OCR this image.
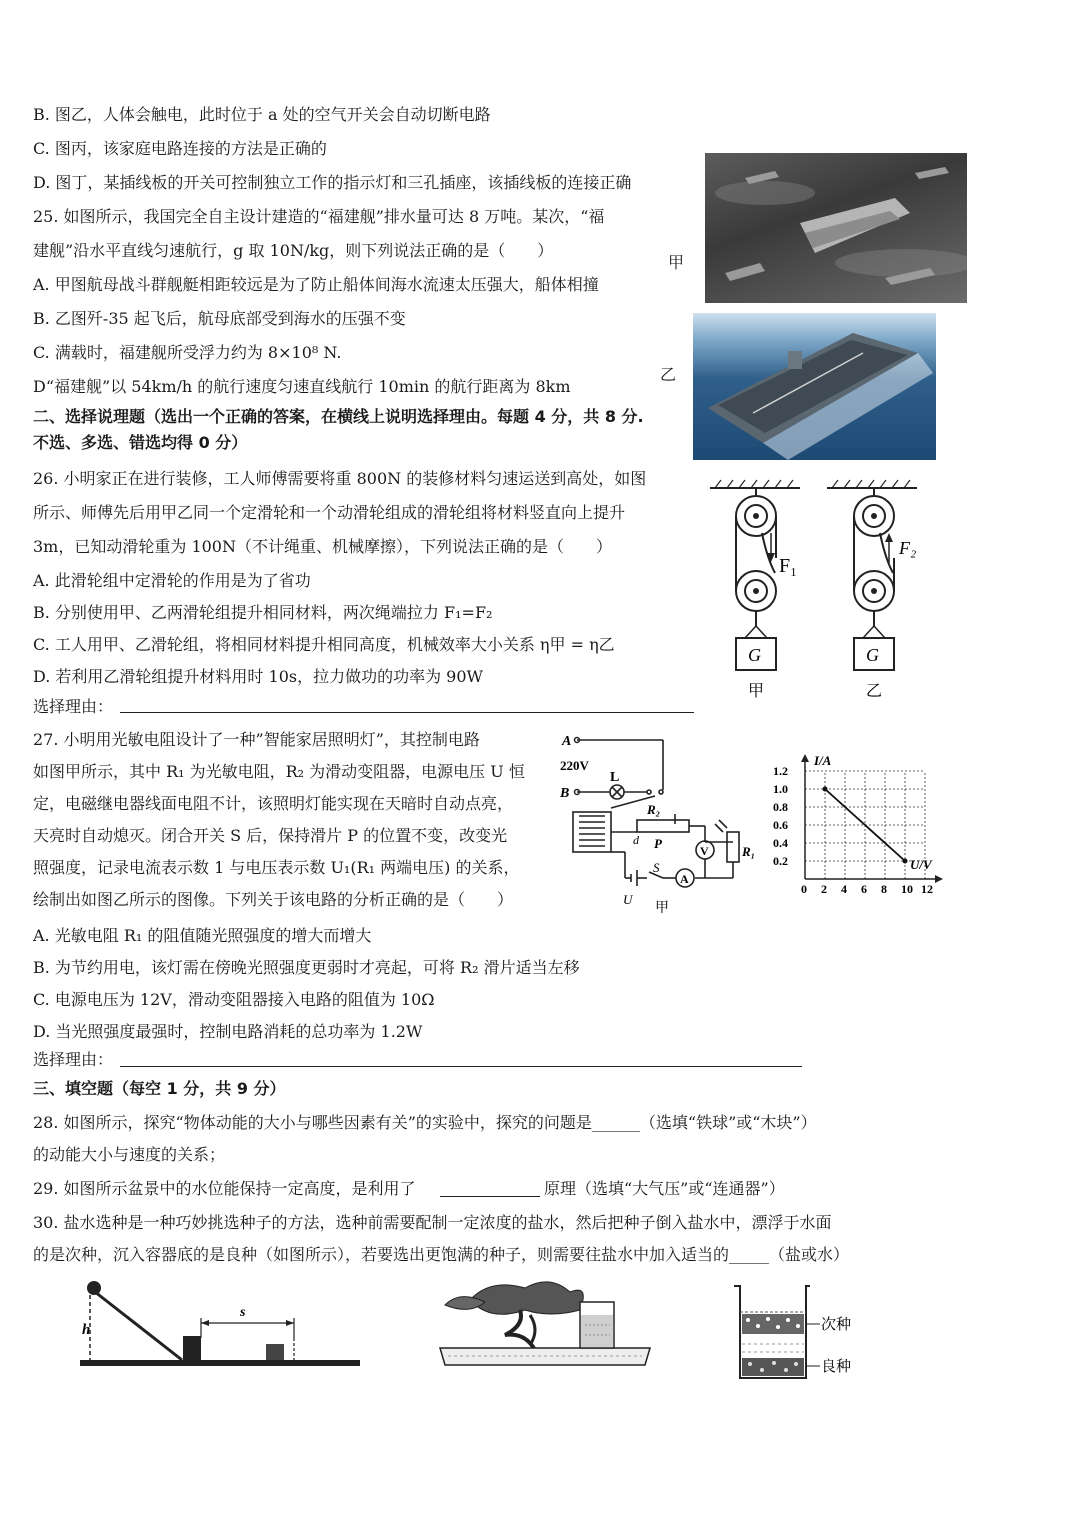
B. 图乙，人体会触电，此时位于 a 处的空气开关会自动切断电路
C. 图丙，该家庭电路连接的方法是正确的
D. 图丁，某插线板的开关可控制独立工作的指示灯和三孔插座，该插线板的连接正确
25. 如图所示，我国完全自主设计建造的“福建舰”排水量可达 8 万吨。某次，“福
建舰”沿水平直线匀速航行，g 取 10N/kg，则下列说法正确的是（　　）
A. 甲图航母战斗群舰艇相距较远是为了防止船体间海水流速太压强大，船体相撞
B. 乙图歼-35 起飞后，航母底部受到海水的压强不变
C. 满载时，福建舰所受浮力约为 8×10⁸ N.
D“福建舰”以 54km/h 的航行速度匀速直线航行 10min 的航行距离为 8km
甲
乙
二、选择说理题（选出一个正确的答案，在横线上说明选择理由。每题 4 分，共 8 分.
不选、多选、错选均得 0 分）
26. 小明家正在进行装修，工人师傅需要将重 800N 的装修材料匀速运送到高处，如图
所示、师傅先后用甲乙同一个定滑轮和一个动滑轮组成的滑轮组将材料竖直向上提升
3m，已知动滑轮重为 100N（不计绳重、机械摩擦），下列说法正确的是（　　）
A. 此滑轮组中定滑轮的作用是为了省功
B. 分别使用甲、乙两滑轮组提升相同材料，两次绳端拉力 F₁=F₂
C. 工人用甲、乙滑轮组，将相同材料提升相同高度，机械效率大小关系 η甲 = η乙
D. 若利用乙滑轮组提升材料用时 10s，拉力做功的功率为 90W
选择理由：
F₁
G
甲
F₂
G
乙
27. 小明用光敏电阻设计了一种”智能家居照明灯”，其控制电路
如图甲所示，其中 R₁ 为光敏电阻，R₂ 为滑动变阻器，电源电压 U 恒
定，电磁继电器线面电阻不计，该照明灯能实现在天暗时自动点亮，
天亮时自动熄灭。闭合开关 S 后，保持滑片 P 的位置不变，改变光
照强度，记录电流表示数 1 与电压表示数 U₁(R₁ 两端电压) 的关系，
绘制出如图乙所示的图像。下列关于该电路的分析正确的是（　　）
A. 光敏电阻 R₁ 的阻值随光照强度的增大而增大
B. 为节约用电，该灯需在傍晚光照强度更弱时才亮起，可将 R₂ 滑片适当左移
C. 电源电压为 12V，滑动变阻器接入电路的阻值为 10Ω
D. 当光照强度最强时，控制电路消耗的总功率为 1.2W
选择理由：
A
220V
B
L
R₂
P
d
V	R₁
A
U
S
甲
I/A
U/V
0 2 4 6 8 10 12
0.2
0.4
0.6
0.8
1.0
1.2
三、填空题（每空 1 分，共 9 分）
28. 如图所示，探究“物体动能的大小与哪些因素有关”的实验中，探究的问题是______（选填“铁球”或“木块”）
的动能大小与速度的关系；
29. 如图所示盆景中的水位能保持一定高度，是利用了	原理（选填“大气压”或“连通器”）
30. 盐水选种是一种巧妙挑选种子的方法，选种前需要配制一定浓度的盐水，然后把种子倒入盐水中，漂浮于水面
的是次种，沉入容器底的是良种（如图所示），若要选出更饱满的种子，则需要往盐水中加入适当的_____（盐或水）
h
s
次种
良种
